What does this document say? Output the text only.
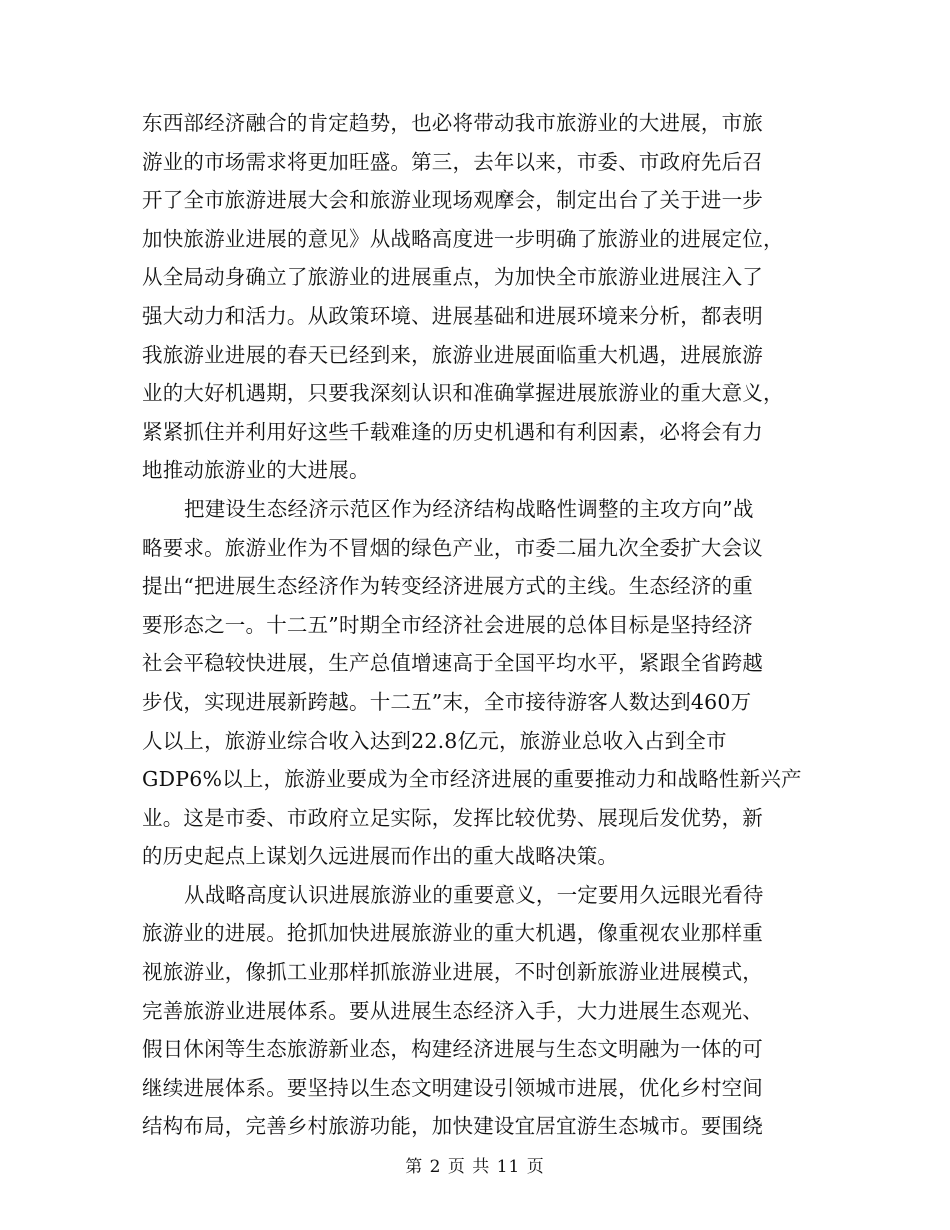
东西部经济融合的肯定趋势，也必将带动我市旅游业的大进展，市旅
游业的市场需求将更加旺盛。第三，去年以来，市委、市政府先后召
开了全市旅游进展大会和旅游业现场观摩会，制定出台了关于进一步
加快旅游业进展的意见》从战略高度进一步明确了旅游业的进展定位，
从全局动身确立了旅游业的进展重点，为加快全市旅游业进展注入了
强大动力和活力。从政策环境、进展基础和进展环境来分析，都表明
我旅游业进展的春天已经到来，旅游业进展面临重大机遇，进展旅游
业的大好机遇期，只要我深刻认识和准确掌握进展旅游业的重大意义，
紧紧抓住并利用好这些千载难逢的历史机遇和有利因素，必将会有力
地推动旅游业的大进展。
把建设生态经济示范区作为经济结构战略性调整的主攻方向”战
略要求。旅游业作为不冒烟的绿色产业，市委二届九次全委扩大会议
提出“把进展生态经济作为转变经济进展方式的主线。生态经济的重
要形态之一。十二五”时期全市经济社会进展的总体目标是坚持经济
社会平稳较快进展，生产总值增速高于全国平均水平，紧跟全省跨越
步伐，实现进展新跨越。十二五”末，全市接待游客人数达到460万
人以上，旅游业综合收入达到22.8亿元，旅游业总收入占到全市
GDP6%以上，旅游业要成为全市经济进展的重要推动力和战略性新兴产
业。这是市委、市政府立足实际，发挥比较优势、展现后发优势，新
的历史起点上谋划久远进展而作出的重大战略决策。
从战略高度认识进展旅游业的重要意义，一定要用久远眼光看待
旅游业的进展。抢抓加快进展旅游业的重大机遇，像重视农业那样重
视旅游业，像抓工业那样抓旅游业进展，不时创新旅游业进展模式，
完善旅游业进展体系。要从进展生态经济入手，大力进展生态观光、
假日休闲等生态旅游新业态，构建经济进展与生态文明融为一体的可
继续进展体系。要坚持以生态文明建设引领城市进展，优化乡村空间
结构布局，完善乡村旅游功能，加快建设宜居宜游生态城市。要围绕
第 2 页 共 11 页
